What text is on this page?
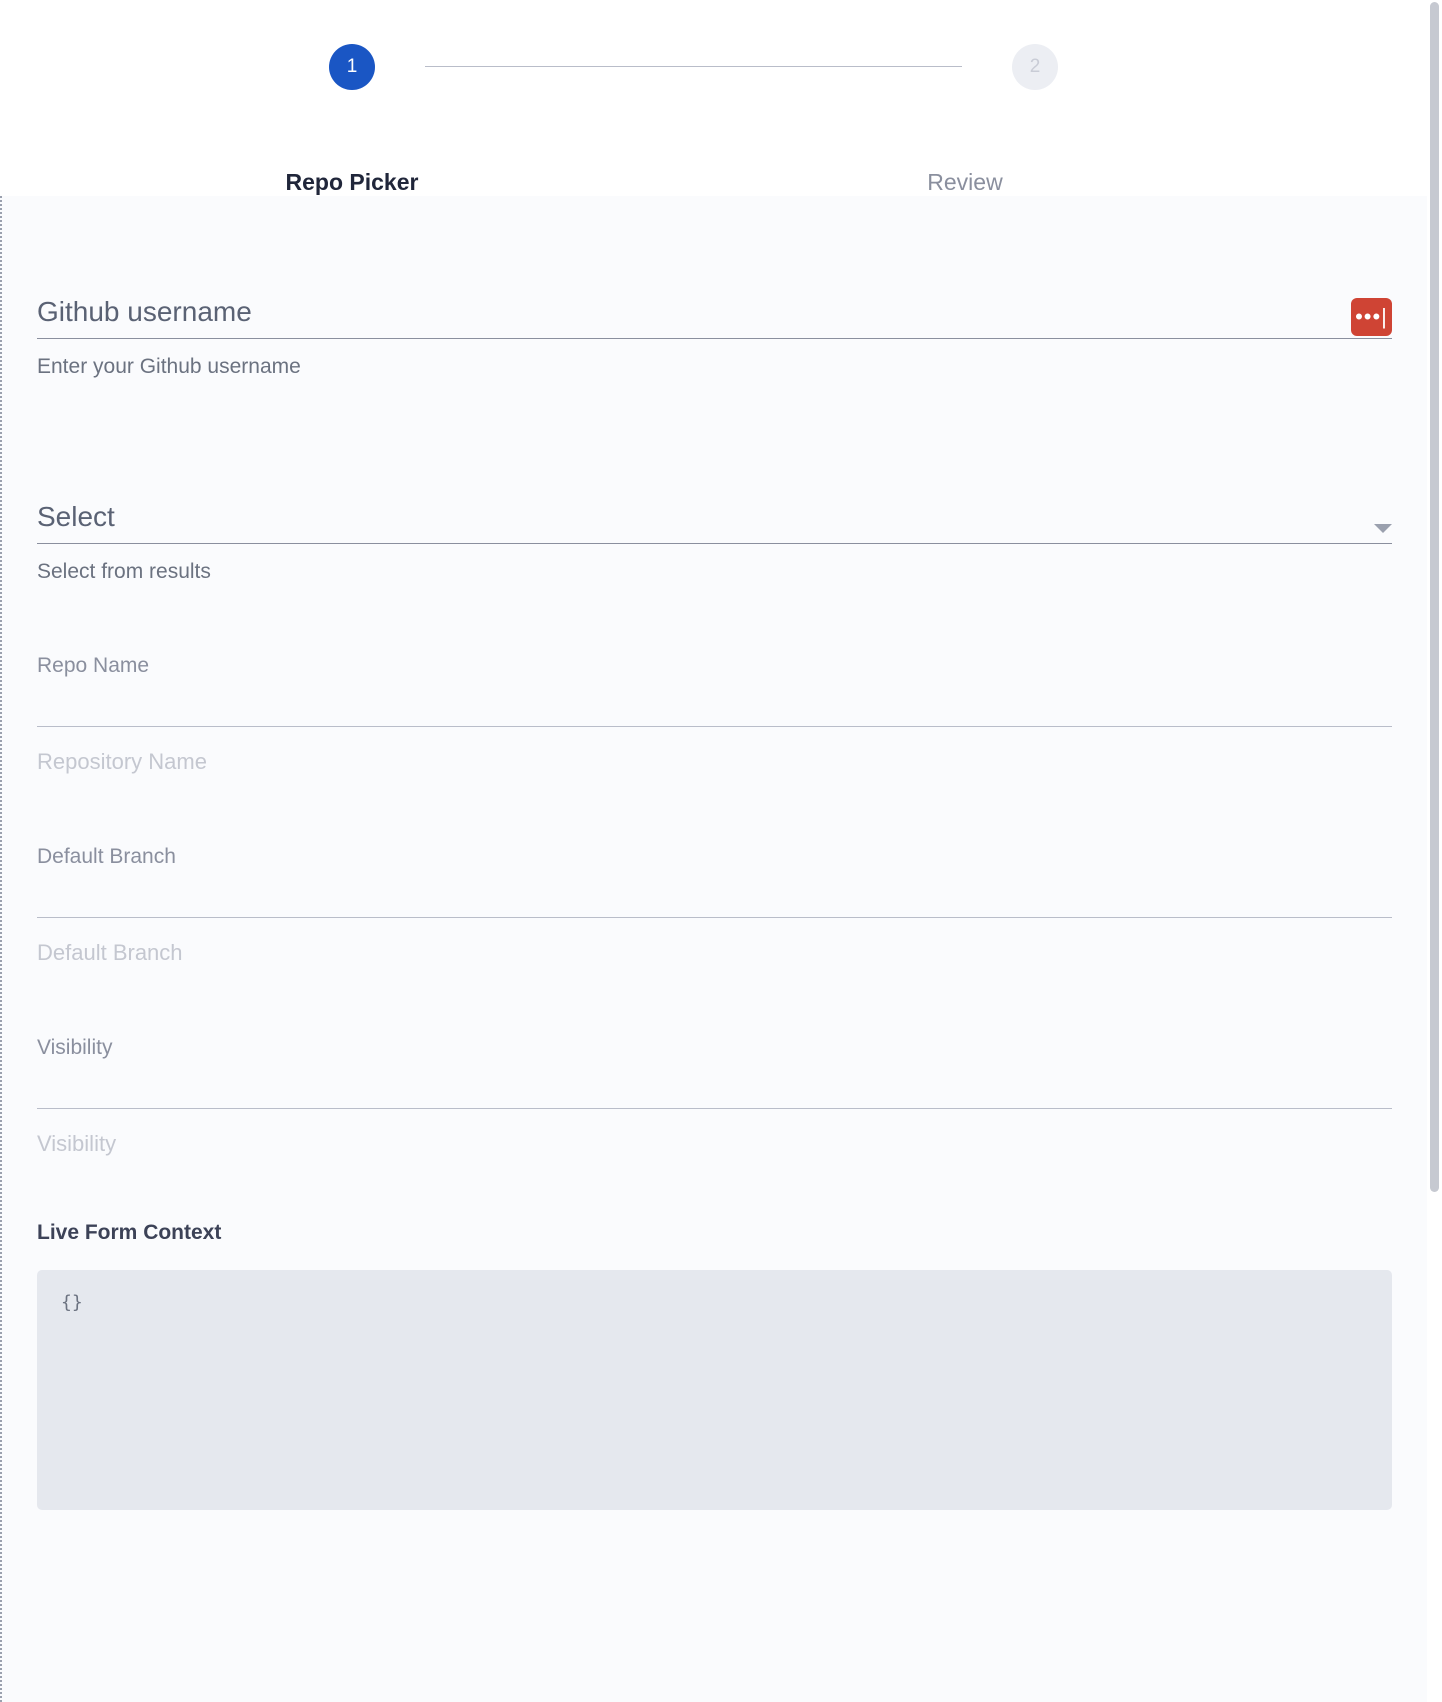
1	2
Repo Picker	Review
Github username	•••|
Enter your Github username
Select
Select from results
Repo Name
Repository Name
Default Branch
Default Branch
Visibility
Visibility
Live Form Context
{}
